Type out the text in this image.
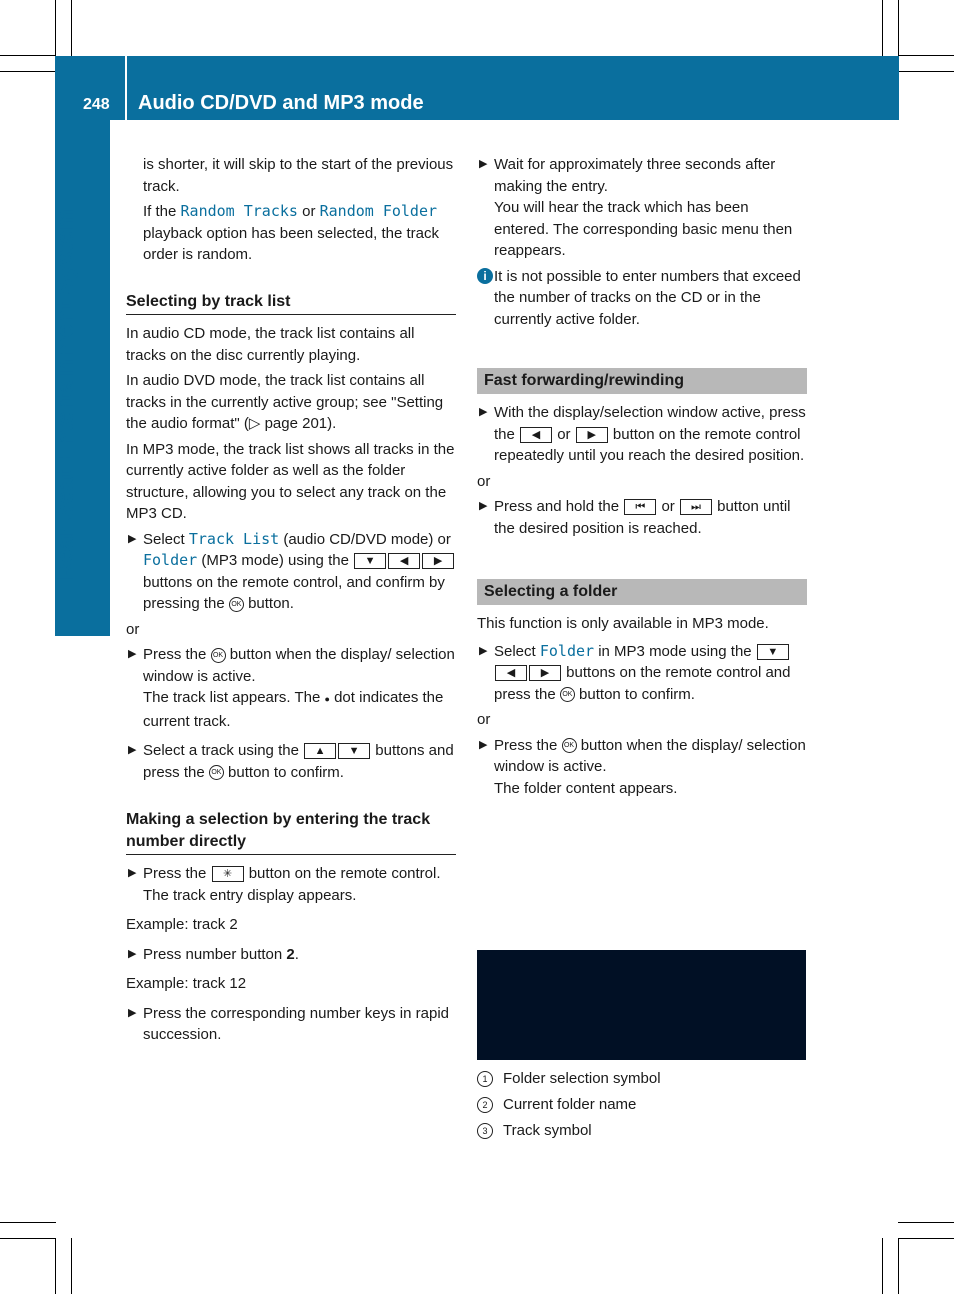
248 Audio CD/DVD and MP3 mode
Rear Seat Entertainment System

is shorter, it will skip to the start of the previous track.

If the Random Tracks or Random Folder playback option has been selected, the track order is random.

Selecting by track list

In audio CD mode, the track list contains all tracks on the disc currently playing.

In audio DVD mode, the track list contains all tracks in the currently active group; see "Setting the audio format" (▷ page 201).

In MP3 mode, the track list shows all tracks in the currently active folder as well as the folder structure, allowing you to select any track on the MP3 CD.

▶ Select Track List (audio CD/DVD mode) or Folder (MP3 mode) using the ▼ ◀ ▶ buttons on the remote control, and confirm by pressing the OK button.

or

▶ Press the OK button when the display/ selection window is active.
The track list appears. The ● dot indicates the current track.
▶ Select a track using the ▲ ▼ buttons and press the OK button to confirm.
Making a selection by entering the track number directly
▶ Press the ✳ button on the remote control.
The track entry display appears.

Example: track 2

▶ Press number button 2.

Example: track 12

▶ Press the corresponding number keys in rapid succession.
▶ Wait for approximately three seconds after making the entry.
You will hear the track which has been entered. The corresponding basic menu then reappears.
i It is not possible to enter numbers that exceed the number of tracks on the CD or in the currently active folder.
Fast forwarding/rewinding
▶ With the display/selection window active, press the ◀ or ▶ button on the remote control repeatedly until you reach the desired position.

or

▶ Press and hold the ⏮ or ⏭ button until the desired position is reached.
Selecting a folder

This function is only available in MP3 mode.

▶ Select Folder in MP3 mode using the ▼◀ ▶ buttons on the remote control and press the OK button to confirm.

or

▶ Press the OK button when the display/ selection window is active.
The folder content appears.
1 Folder selection symbol
2 Current folder name
3 Track symbol
